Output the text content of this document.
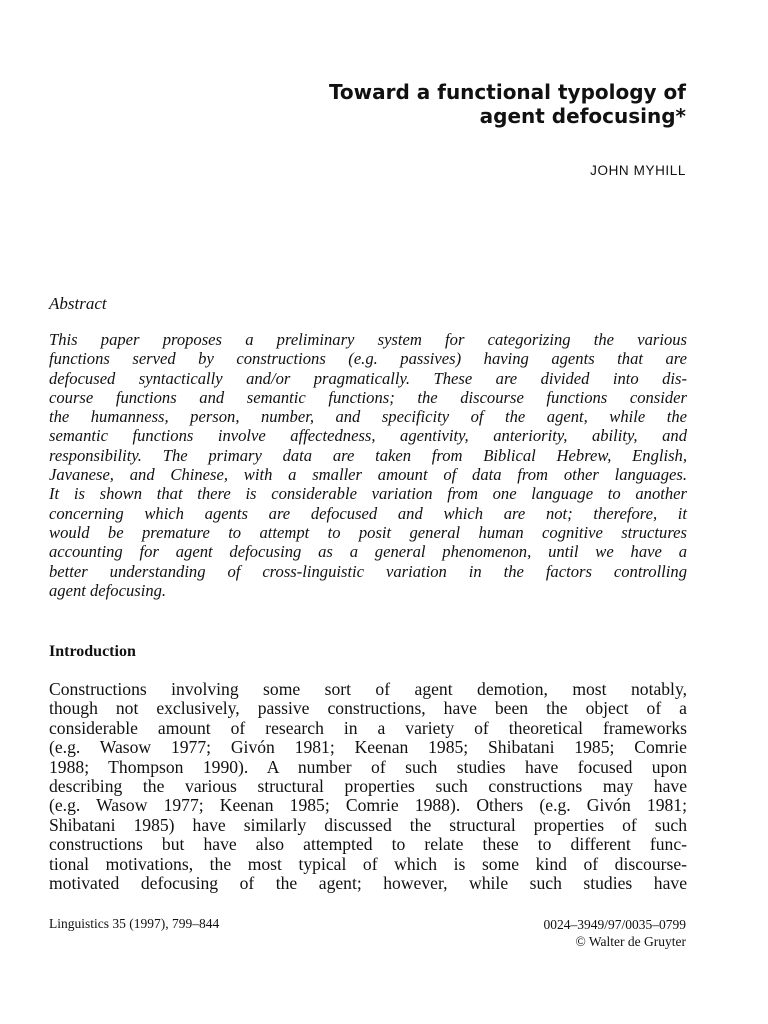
Toward a functional typology of
agent defocusing*
JOHN MYHILL
Abstract
This paper proposes a preliminary system for categorizing the various
functions served by constructions (e.g. passives) having agents that are
defocused syntactically and/or pragmatically. These are divided into dis-
course functions and semantic functions; the discourse functions consider
the humanness, person, number, and specificity of the agent, while the
semantic functions involve affectedness, agentivity, anteriority, ability, and
responsibility. The primary data are taken from Biblical Hebrew, English,
Javanese, and Chinese, with a smaller amount of data from other languages.
It is shown that there is considerable variation from one language to another
concerning which agents are defocused and which are not; therefore, it
would be premature to attempt to posit general human cognitive structures
accounting for agent defocusing as a general phenomenon, until we have a
better understanding of cross-linguistic variation in the factors controlling
agent defocusing.
Introduction
Constructions involving some sort of agent demotion, most notably,
though not exclusively, passive constructions, have been the object of a
considerable amount of research in a variety of theoretical frameworks
(e.g. Wasow 1977; Givón 1981; Keenan 1985; Shibatani 1985; Comrie
1988; Thompson 1990). A number of such studies have focused upon
describing the various structural properties such constructions may have
(e.g. Wasow 1977; Keenan 1985; Comrie 1988). Others (e.g. Givón 1981;
Shibatani 1985) have similarly discussed the structural properties of such
constructions but have also attempted to relate these to different func-
tional motivations, the most typical of which is some kind of discourse-
motivated defocusing of the agent; however, while such studies have
Linguistics 35 (1997), 799–844	0024–3949/97/0035–0799
© Walter de Gruyter
